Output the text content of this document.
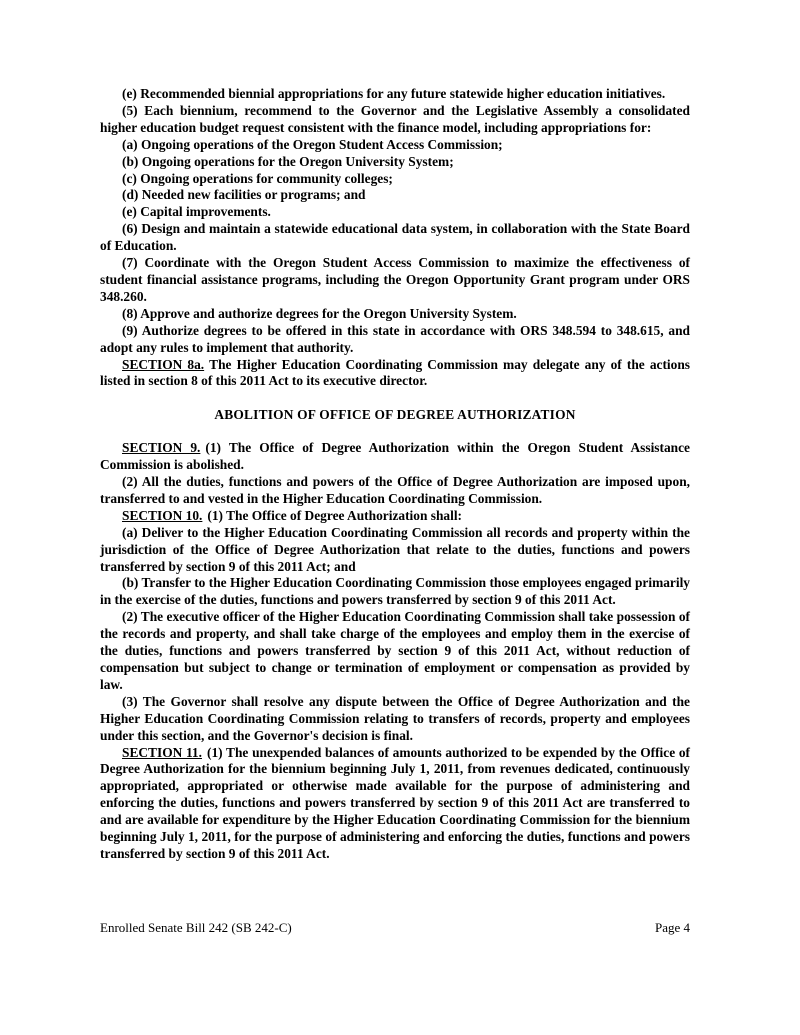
(e) Recommended biennial appropriations for any future statewide higher education initiatives.

(5) Each biennium, recommend to the Governor and the Legislative Assembly a consolidated higher education budget request consistent with the finance model, including appropriations for:

(a) Ongoing operations of the Oregon Student Access Commission;

(b) Ongoing operations for the Oregon University System;

(c) Ongoing operations for community colleges;

(d) Needed new facilities or programs; and

(e) Capital improvements.

(6) Design and maintain a statewide educational data system, in collaboration with the State Board of Education.

(7) Coordinate with the Oregon Student Access Commission to maximize the effectiveness of student financial assistance programs, including the Oregon Opportunity Grant program under ORS 348.260.

(8) Approve and authorize degrees for the Oregon University System.

(9) Authorize degrees to be offered in this state in accordance with ORS 348.594 to 348.615, and adopt any rules to implement that authority.

SECTION 8a. The Higher Education Coordinating Commission may delegate any of the actions listed in section 8 of this 2011 Act to its executive director.

ABOLITION OF OFFICE OF DEGREE AUTHORIZATION

SECTION 9. (1) The Office of Degree Authorization within the Oregon Student Assistance Commission is abolished.

(2) All the duties, functions and powers of the Office of Degree Authorization are imposed upon, transferred to and vested in the Higher Education Coordinating Commission.

SECTION 10. (1) The Office of Degree Authorization shall:

(a) Deliver to the Higher Education Coordinating Commission all records and property within the jurisdiction of the Office of Degree Authorization that relate to the duties, functions and powers transferred by section 9 of this 2011 Act; and

(b) Transfer to the Higher Education Coordinating Commission those employees engaged primarily in the exercise of the duties, functions and powers transferred by section 9 of this 2011 Act.

(2) The executive officer of the Higher Education Coordinating Commission shall take possession of the records and property, and shall take charge of the employees and employ them in the exercise of the duties, functions and powers transferred by section 9 of this 2011 Act, without reduction of compensation but subject to change or termination of employment or compensation as provided by law.

(3) The Governor shall resolve any dispute between the Office of Degree Authorization and the Higher Education Coordinating Commission relating to transfers of records, property and employees under this section, and the Governor's decision is final.

SECTION 11. (1) The unexpended balances of amounts authorized to be expended by the Office of Degree Authorization for the biennium beginning July 1, 2011, from revenues dedicated, continuously appropriated, appropriated or otherwise made available for the purpose of administering and enforcing the duties, functions and powers transferred by section 9 of this 2011 Act are transferred to and are available for expenditure by the Higher Education Coordinating Commission for the biennium beginning July 1, 2011, for the purpose of administering and enforcing the duties, functions and powers transferred by section 9 of this 2011 Act.

Enrolled Senate Bill 242 (SB 242-C)	Page 4
